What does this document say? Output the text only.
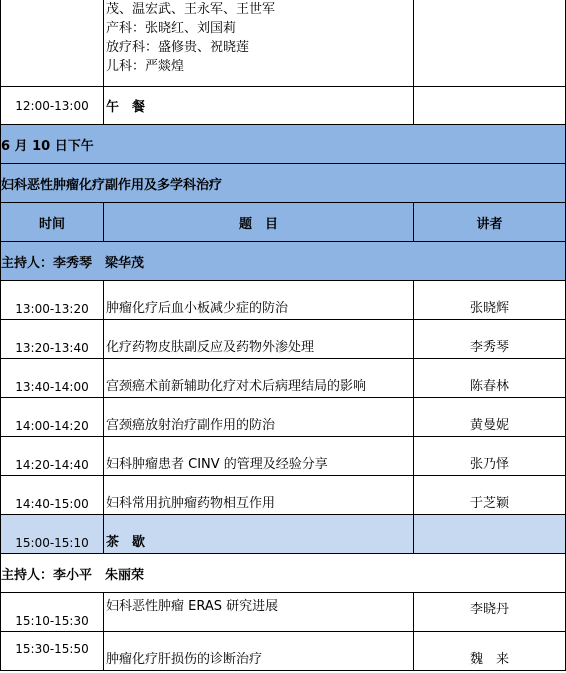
	茂、温宏武、王永军、王世军
产科：张晓红、刘国莉
放疗科：盛修贵、祝晓莲
儿科：严燚煌	

12:00-13:00	午　餐	
6 月 10 日下午		
妇科恶性肿瘤化疗副作用及多学科治疗		
时间	题　目	讲者
主持人：李秀琴　梁华茂		
13:00-13:20	肿瘤化疗后血小板减少症的防治	张晓辉
13:20-13:40	化疗药物皮肤副反应及药物外渗处理	李秀琴
13:40-14:00	宫颈癌术前新辅助化疗对术后病理结局的影响	陈春林
14:00-14:20	宫颈癌放射治疗副作用的防治	黄曼妮
14:20-14:40	妇科肿瘤患者 CINV 的管理及经验分享	张乃怿
14:40-15:00	妇科常用抗肿瘤药物相互作用	于芝颖
15:00-15:10	茶　歇	
主持人：李小平　朱丽荣		
15:10-15:30	妇科恶性肿瘤 ERAS 研究进展	李晓丹
15:30-15:50	肿瘤化疗肝损伤的诊断治疗	魏　来
